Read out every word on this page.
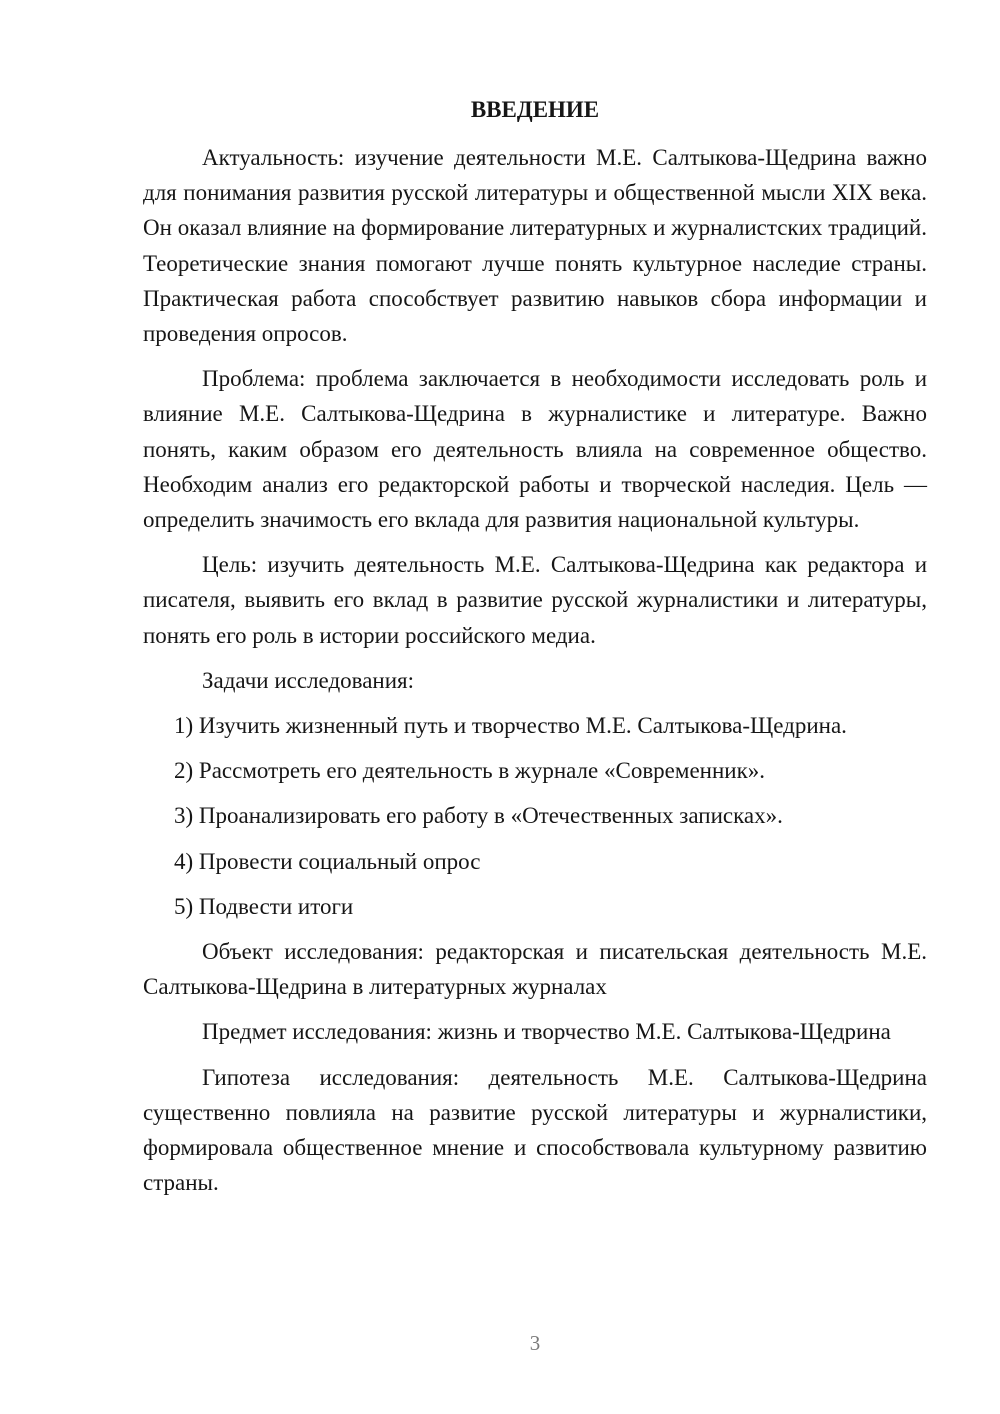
ВВЕДЕНИЕ

Актуальность: изучение деятельности М.Е. Салтыкова-Щедрина важно для понимания развития русской литературы и общественной мысли XIX века. Он оказал влияние на формирование литературных и журналистских традиций. Теоретические знания помогают лучше понять культурное наследие страны. Практическая работа способствует развитию навыков сбора информации и проведения опросов.

Проблема: проблема заключается в необходимости исследовать роль и влияние М.Е. Салтыкова-Щедрина в журналистике и литературе. Важно понять, каким образом его деятельность влияла на современное общество. Необходим анализ его редакторской работы и творческой наследия. Цель — определить значимость его вклада для развития национальной культуры.

Цель: изучить деятельность М.Е. Салтыкова-Щедрина как редактора и писателя, выявить его вклад в развитие русской журналистики и литературы, понять его роль в истории российского медиа.

Задачи исследования:

1) Изучить жизненный путь и творчество М.Е. Салтыкова-Щедрина.
2) Рассмотреть его деятельность в журнале «Современник».
3) Проанализировать его работу в «Отечественных записках».
4) Провести социальный опрос
5) Подвести итоги

Объект исследования: редакторская и писательская деятельность М.Е. Салтыкова-Щедрина в литературных журналах

Предмет исследования: жизнь и творчество М.Е. Салтыкова-Щедрина

Гипотеза исследования: деятельность М.Е. Салтыкова-Щедрина существенно повлияла на развитие русской литературы и журналистики, формировала общественное мнение и способствовала культурному развитию страны.

3
